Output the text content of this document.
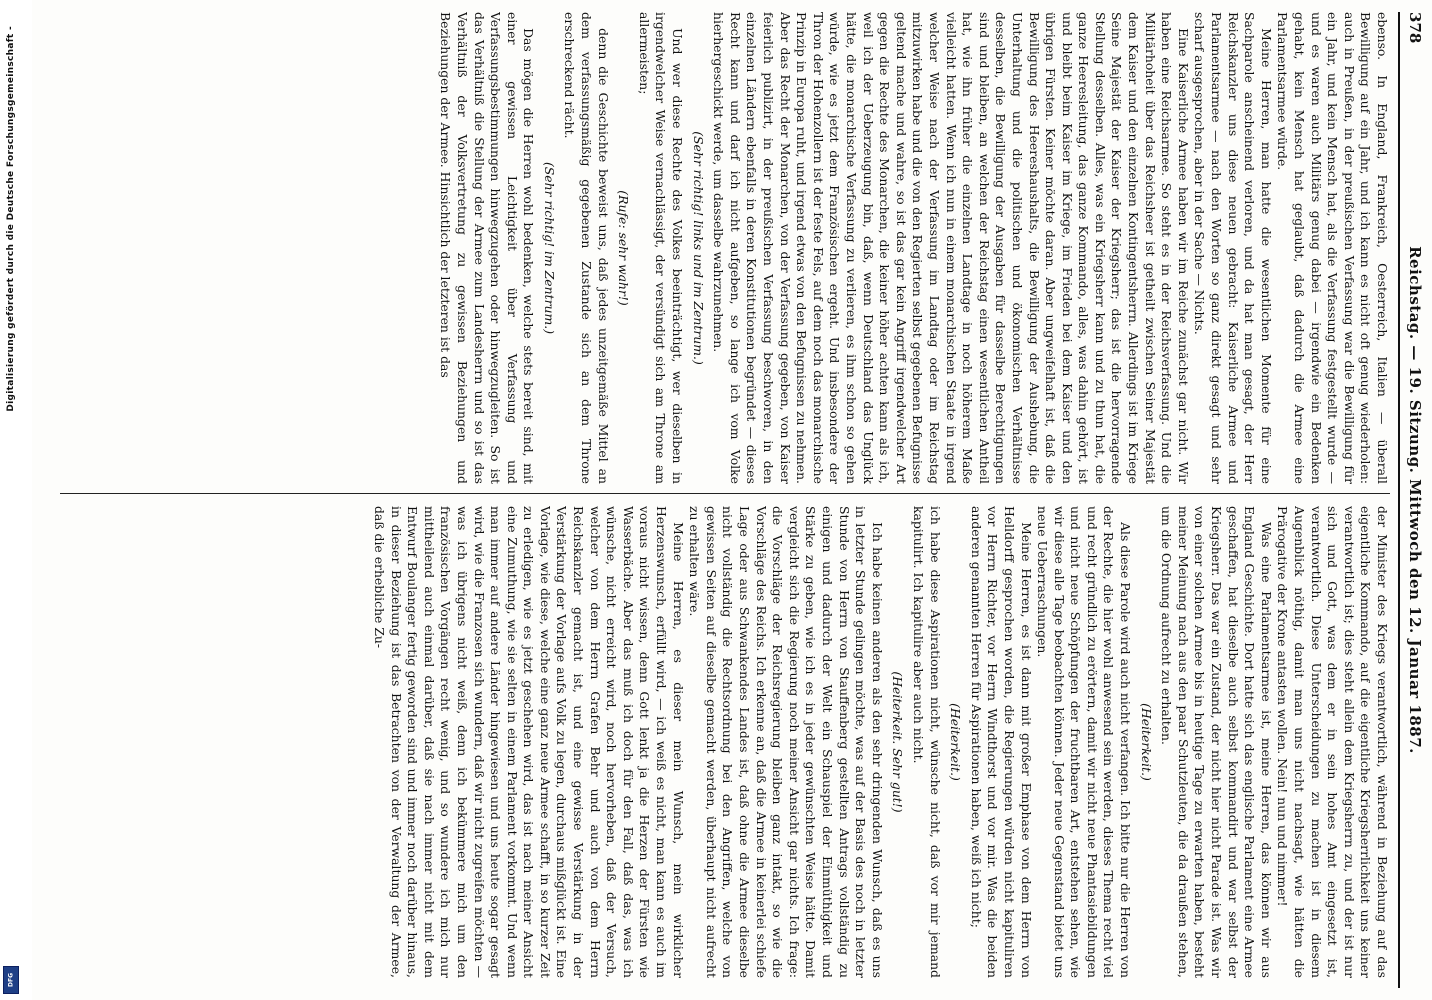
378
Reichstag. — 19. Sitzung. Mittwoch den 12. Januar 1887.

ebenso. In England, Frankreich, Oesterreich, Italien — überall Bewilligung auf ein Jahr, und ich kann es nicht oft genug wiederholen: auch in Preußen, in der preußischen Verfassung war die Bewilligung für ein Jahr, und kein Mensch hat, als die Verfassung festgestellt wurde — und es waren auch Militärs genug dabei — irgendwie ein Bedenken gehabt, kein Mensch hat geglaubt, daß dadurch die Armee eine Parlamentsarmee würde.

Meine Herren, man hatte die wesentlichen Momente für eine Sachparole anscheinend verloren, und da hat man gesagt, der Herr Reichskanzler uns diese neuen gebracht: Kaiserliche Armee und Parlamentsarmee — nach den Worten so ganz direkt gesagt und sehr scharf ausgesprochen, aber in der Sache — Nichts.

Eine Kaiserliche Armee haben wir im Reiche zunächst gar nicht. Wir haben eine Reichsarmee. So steht es in der Reichsverfassung. Und die Militärhoheit über das Reichsheer ist getheilt zwischen Seiner Majestät dem Kaiser und den einzelnen Kontingentsherrn. Allerdings ist im Kriege Seine Majestät der Kaiser der Kriegsherr; das ist die hervorragende Stellung desselben. Alles, was ein Kriegsherr kann und zu thun hat, die ganze Heeresleitung, das ganze Kommando, alles, was dahin gehört, ist und bleibt beim Kaiser im Kriege, im Frieden bei dem Kaiser und den übrigen Fürsten. Keiner möchte daran. Aber ungweifelhaft ist, daß die Bewilligung des Heereshaushalts, die Bewilligung der Aushebung, die Unterhaltung und die politischen und ökonomischen Verhältnisse desselben, die Bewilligung der Ausgaben für dasselbe Berechtigungen sind und bleiben, an welchen der Reichstag einen wesentlichen Antheil hat, wie ihn früher die einzelnen Landtage in noch höherem Maße vielleicht hatten. Wenn ich nun in einem monarchischen Staate in irgend welcher Weise nach der Verfassung im Landtag oder im Reichstag mitzuwirken habe und die von den Regierten selbst gegebenen Befugnisse geltend mache und wahre, so ist das gar kein Angriff irgendwelcher Art gegen die Rechte des Monarchen, die keiner höher achten kann als ich, weil ich der Ueberzeugung bin, daß, wenn Deutschland das Unglück hätte, die monarchische Verfassung zu verlieren, es ihm schon so gehen würde, wie es jetzt dem Französischen ergeht. Und insbesondere der Thron der Hohenzollern ist der feste Fels, auf dem noch das monarchische Prinzip in Europa ruht, und irgend etwas von den Befugnissen zu nehmen. Aber das Recht der Monarchen, von der Verfassung gegeben, von Kaiser feierlich publizirt, in der preußischen Verfassung beschworen, in den einzelnen Ländern ebenfalls in deren Konstitutionen begründet — dieses Recht kann und darf ich nicht aufgeben, so lange ich vom Volke hierhergeschickt werde, um dasselbe wahrzunehmen.

(Sehr richtig! links und im Zentrum.)

Und wer diese Rechte des Volkes beeinträchtigt, wer dieselben in irgendwelcher Weise vernachlässigt, der versündigt sich am Throne am allermeisten;

(Rufe: sehr wahr!)

denn die Geschichte beweist uns, daß jedes unzeitgemäße Mittel an dem verfassungsmäßig gegebenen Zustande sich an dem Throne erschreckend rächt.

(Sehr richtig! im Zentrum.)

Das mögen die Herren wohl bedenken, welche stets bereit sind, mit einer gewissen Leichtigkeit über Verfassung und Verfassungsbestimmungen hinwegzugehen oder hinwegzugleiten. So ist das Verhältniß die Stellung der Armee zum Landesherrn und so ist das Verhältniß der Volksvertretung zu gewissen Beziehungen und Beziehungen der Armee. Hinsichtlich der letzteren ist das

der Minister des Kriegs verantwortlich, während in Beziehung auf das eigentliche Kommando, auf die eigentliche Kriegsherrlichkeit uns keiner verantwortlich ist; dies steht allein dem Kriegsherrn zu, und der ist nur sich und Gott, was dem er in sein hohes Amt eingesetzt ist, verantwortlich. Diese Unterscheidungen zu machen ist in diesem Augenblick nöthig, damit man uns nicht nachsagt, wie hätten die Prärogative der Krone antasten wollen. Nein! nun und nimmer!

Was eine Parlamentsarmee ist, meine Herren, das können wir aus England Geschichte. Dort hatte sich das englische Parlament eine Armee geschaffen, hat dieselbe auch selbst kommandirt und war selbst der Kriegsherr. Das war ein Zustand, der nicht hier nicht Parade ist. Was wir von einer solchen Armee bis in heutige Tage zu erwarten haben, besteht meiner Meinung nach aus den paar Schutzleuten, die da draußen stehen, um die Ordnung aufrecht zu erhalten.

(Heiterkeit.)

Als diese Parole wird auch nicht verfangen. Ich bitte nur die Herren von der Rechte, die hier wohl anwesend sein werden, dieses Thema recht viel und recht gründlich zu erörtern, damit wir nicht neue Phantasiebildungen und nicht neue Schöpfungen der fruchtbaren Art, entstehen sehen, wie wir diese alle Tage beobachten können. Jeder neue Gegenstand bietet uns neue Ueberraschungen.

Meine Herren, es ist dann mit großer Emphase von dem Herrn von Helldorff gesprochen worden, die Regierungen würden nicht kapituliren vor Herrn Richter, vor Herrn Windthorst und vor mir. Was die beiden anderen genannten Herren für Aspirationen haben, weiß ich nicht;

(Heiterkeit.)

ich habe diese Aspirationen nicht, wünsche nicht, daß vor mir jemand kapitulirt. Ich kapitulire aber auch nicht.

(Heiterkeit. Sehr gut!)

Ich habe keinen anderen als den sehr dringenden Wunsch, daß es uns in letzter Stunde gelingen möchte, was auf der Basis des noch in letzter Stunde von Herrn von Stauffenberg gestellten Antrags vollständig zu einigen und dadurch der Welt ein Schauspiel der Einmüthigkeit und Stärke zu geben, wie ich es in jeder gewünschten Weise hätte. Damit vergleicht sich die Regierung noch meiner Ansicht gar nichts. Ich frage: die Vorschläge der Reichsregierung bleiben ganz intakt, so wie die Vorschläge des Reichs. Ich erkenne an, daß die Armee in keinerlei schiefe Lage oder aus Schwankendes Landes ist, daß ohne die Armee dieselbe nicht vollständig die Rechtsordnung bei den Angriffen, welche von gewissen Seiten auf dieselbe gemacht werden, überhaupt nicht aufrecht zu erhalten wäre.

Meine Herren, es dieser mein Wunsch, mein wirklicher Herzenswunsch, erfüllt wird, — ich weiß es nicht, man kann es auch im voraus nicht wissen, denn Gott lenkt ja die Herzen der Fürsten wie Wasserbäche. Aber das muß ich doch für den Fall, daß das, was ich wünsche, nicht erreicht wird, noch hervorheben, daß der Versuch, welcher von dem Herrn Grafen Behr und auch von dem Herrn Reichskanzler gemacht ist, und eine gewisse Verstärkung in der Verstärkung der Vorlage aufs Volk zu legen, durchaus mißglückt ist. Eine Vorlage, wie diese, welche eine ganz neue Armee schafft, in so kurzer Zeit zu erledigen, wie es jetzt geschehen wird, das ist nach meiner Ansicht eine Zumuthung, wie sie selten in einem Parlament vorkommt. Und wenn man immer auf andere Länder hingewiesen und uns heute sogar gesagt wird, wie die Franzosen sich wundern, daß wir nicht zugreifen möchten — was ich übrigens nicht weiß, denn ich bekümmere mich um den französischen Vorgängen recht wenig, und so wundere ich mich nur mittheilend auch einmal darüber, daß sie nach immer nicht mit dem Entwurf Boulanger fertig geworden sind und immer noch darüber hinaus, in dieser Beziehung ist das Betrachten von der Verwaltung der Armee, daß die erhebliche Zu-

Digitalisierung gefördert durch die Deutsche Forschungsgemeinschaft -
DFG
